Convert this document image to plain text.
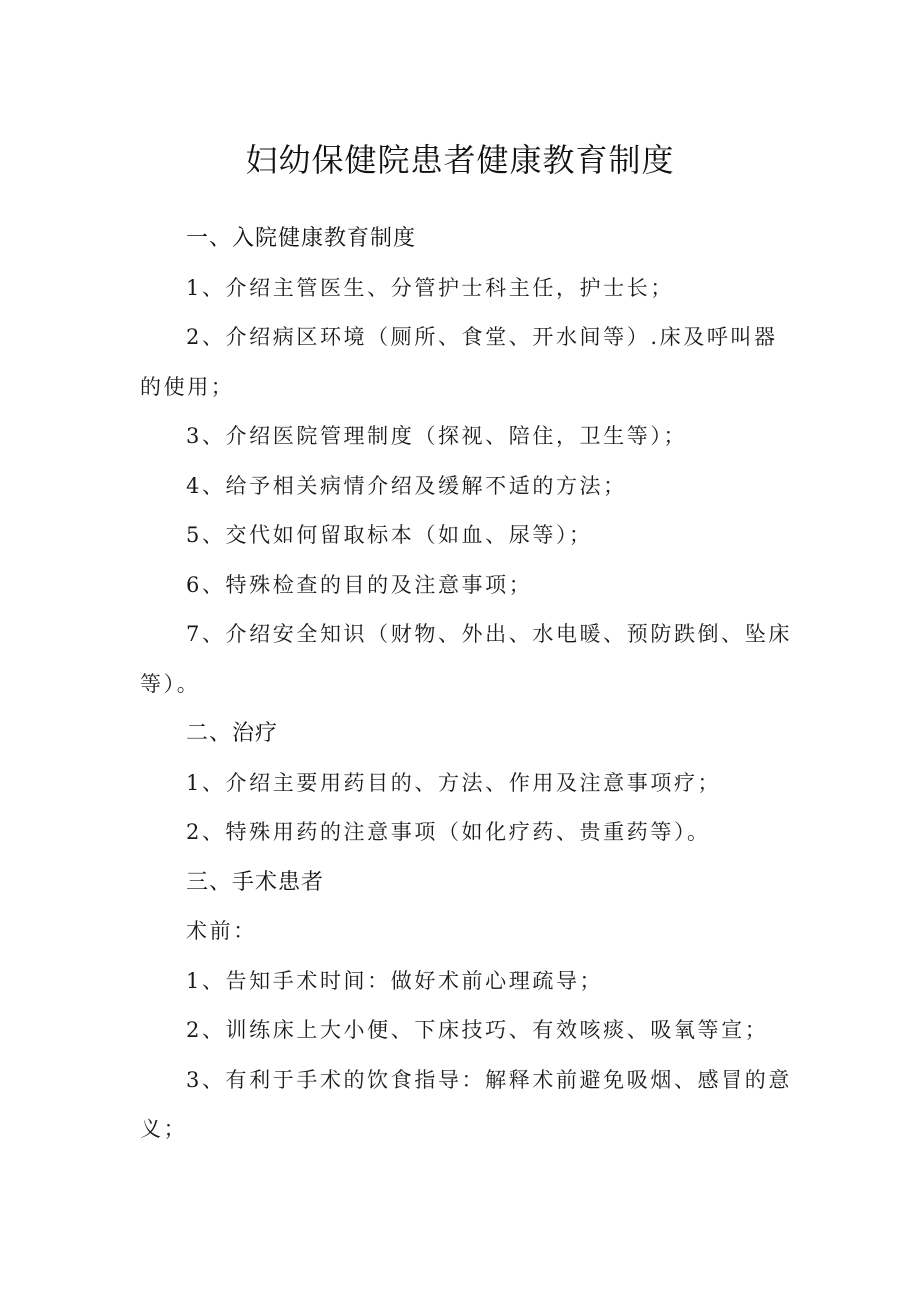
妇幼保健院患者健康教育制度
一、入院健康教育制度
1、介绍主管医生、分管护士科主任，护士长；
2、介绍病区环境（厕所、食堂、开水间等）.床及呼叫器
的使用；
3、介绍医院管理制度（探视、陪住，卫生等）；
4、给予相关病情介绍及缓解不适的方法；
5、交代如何留取标本（如血、尿等）；
6、特殊检查的目的及注意事项；
7、介绍安全知识（财物、外出、水电暖、预防跌倒、坠床
等）。
二、治疗
1、介绍主要用药目的、方法、作用及注意事项疗；
2、特殊用药的注意事项（如化疗药、贵重药等）。
三、手术患者
术前：
1、告知手术时间：做好术前心理疏导；
2、训练床上大小便、下床技巧、有效咳痰、吸氧等宣；
3、有利于手术的饮食指导：解释术前避免吸烟、感冒的意
义；
